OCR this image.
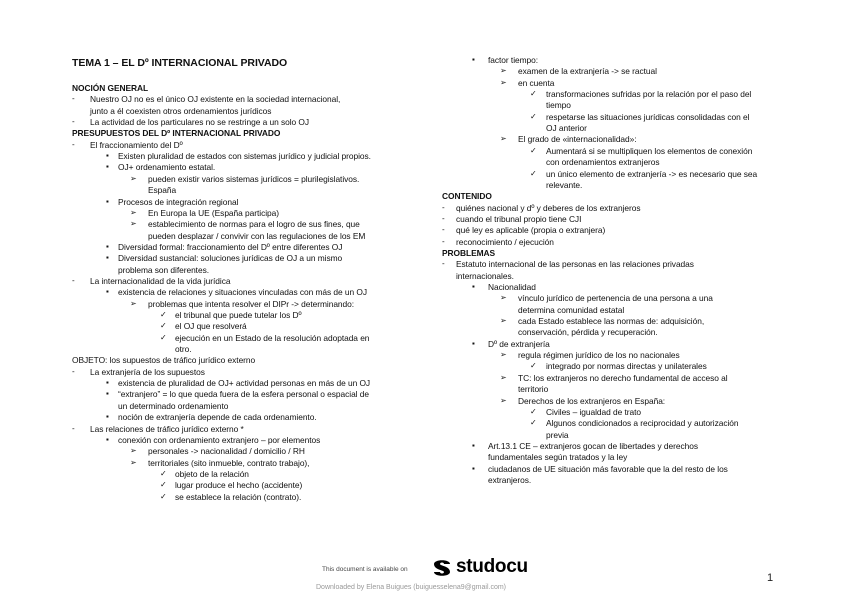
TEMA 1 – EL Dº INTERNACIONAL PRIVADO
NOCIÓN GENERAL
- Nuestro OJ no es el único OJ existente en la sociedad internacional,
junto a él coexisten otros ordenamientos jurídicos
- La actividad de los particulares no se restringe a un solo OJ
PRESUPUESTOS DEL Dº INTERNACIONAL PRIVADO
- El fraccionamiento del Dº
▪ Existen pluralidad de estados con sistemas jurídico y judicial propios.
▪ OJ+ ordenamiento estatal.
➢ pueden existir varios sistemas jurídicos = plurilegislativos.
España
▪ Procesos de integración regional
➢ En Europa la UE (España participa)
➢ establecimiento de normas para el logro de sus fines, que
pueden desplazar / convivir con las regulaciones de los EM
▪ Diversidad formal: fraccionamiento del Dº entre diferentes OJ
▪ Diversidad sustancial: soluciones jurídicas de OJ a un mismo
problema son diferentes.
- La internacionalidad de la vida jurídica
▪ existencia de relaciones y situaciones vinculadas con más de un OJ
➢ problemas que intenta resolver el DIPr -> determinando:
✓ el tribunal que puede tutelar los Dº
✓ el OJ que resolverá
✓ ejecución en un Estado de la resolución adoptada en
otro.
OBJETO: los supuestos de tráfico jurídico externo
- La extranjería de los supuestos
▪ existencia de pluralidad de OJ+ actividad personas en más de un OJ
▪ “extranjero” = lo que queda fuera de la esfera personal o espacial de
un determinado ordenamiento
▪ noción de extranjería depende de cada ordenamiento.
- Las relaciones de tráfico jurídico externo *
▪ conexión con ordenamiento extranjero – por elementos
➢ personales -> nacionalidad / domicilio / RH
➢ territoriales (sito inmueble, contrato trabajo),
✓ objeto de la relación
✓ lugar produce el hecho (accidente)
✓ se establece la relación (contrato).
▪ factor tiempo:
➢ examen de la extranjería -> se ractual
➢ en cuenta
✓ transformaciones sufridas por la relación por el paso del
tiempo
✓ respetarse las situaciones jurídicas consolidadas con el
OJ anterior
➢ El grado de «internacionalidad»:
✓ Aumentará si se multipliquen los elementos de conexión
con ordenamientos extranjeros
✓ un único elemento de extranjería -> es necesario que sea
relevante.
CONTENIDO
- quiénes nacional y dº y deberes de los extranjeros
- cuando el tribunal propio tiene CJI
- qué ley es aplicable (propia o extranjera)
- reconocimiento / ejecución
PROBLEMAS
- Estatuto internacional de las personas en las relaciones privadas
internacionales.
▪ Nacionalidad
➢ vínculo jurídico de pertenencia de una persona a una
determina comunidad estatal
➢ cada Estado establece las normas de: adquisición,
conservación, pérdida y recuperación.
▪ Dº de extranjería
➢ regula régimen jurídico de los no nacionales
✓ integrado por normas directas y unilaterales
➢ TC: los extranjeros no derecho fundamental de acceso al
territorio
➢ Derechos de los extranjeros en España:
✓ Civiles – igualdad de trato
✓ Algunos condicionados a reciprocidad y autorización
previa
▪ Art.13.1 CE – extranjeros gocan de libertades y derechos
fundamentales según tratados y la ley
▪ ciudadanos de UE situación más favorable que la del resto de los
extranjeros.
This document is available on	studocu
Downloaded by Elena Buigues (buiguesselena9@gmail.com)
1
